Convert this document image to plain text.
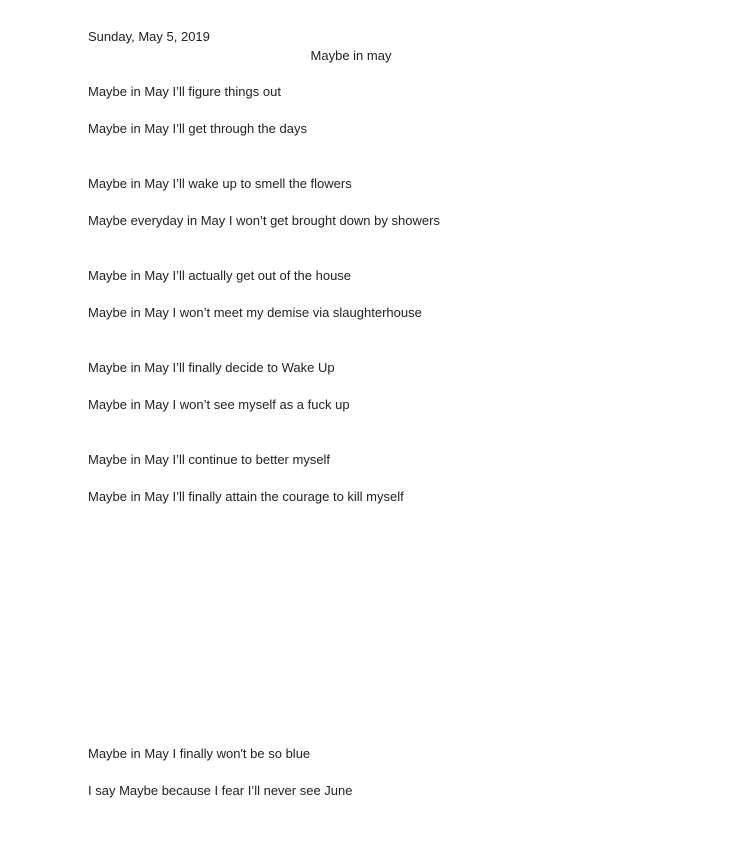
Sunday, May 5, 2019
Maybe in may
Maybe in May I’ll figure things out
Maybe in May I’ll get through the days
Maybe in May I’ll wake up to smell the flowers
Maybe everyday in May I won’t get brought down by showers
Maybe in May I’ll actually get out of the house
Maybe in May I won’t meet my demise via slaughterhouse
Maybe in May I’ll finally decide to Wake Up
Maybe in May I won’t see myself as a fuck up
Maybe in May I’ll continue to better myself
Maybe in May I’ll finally attain the courage to kill myself
Maybe in May I finally won't be so blue
I say Maybe because I fear I’ll never see June
